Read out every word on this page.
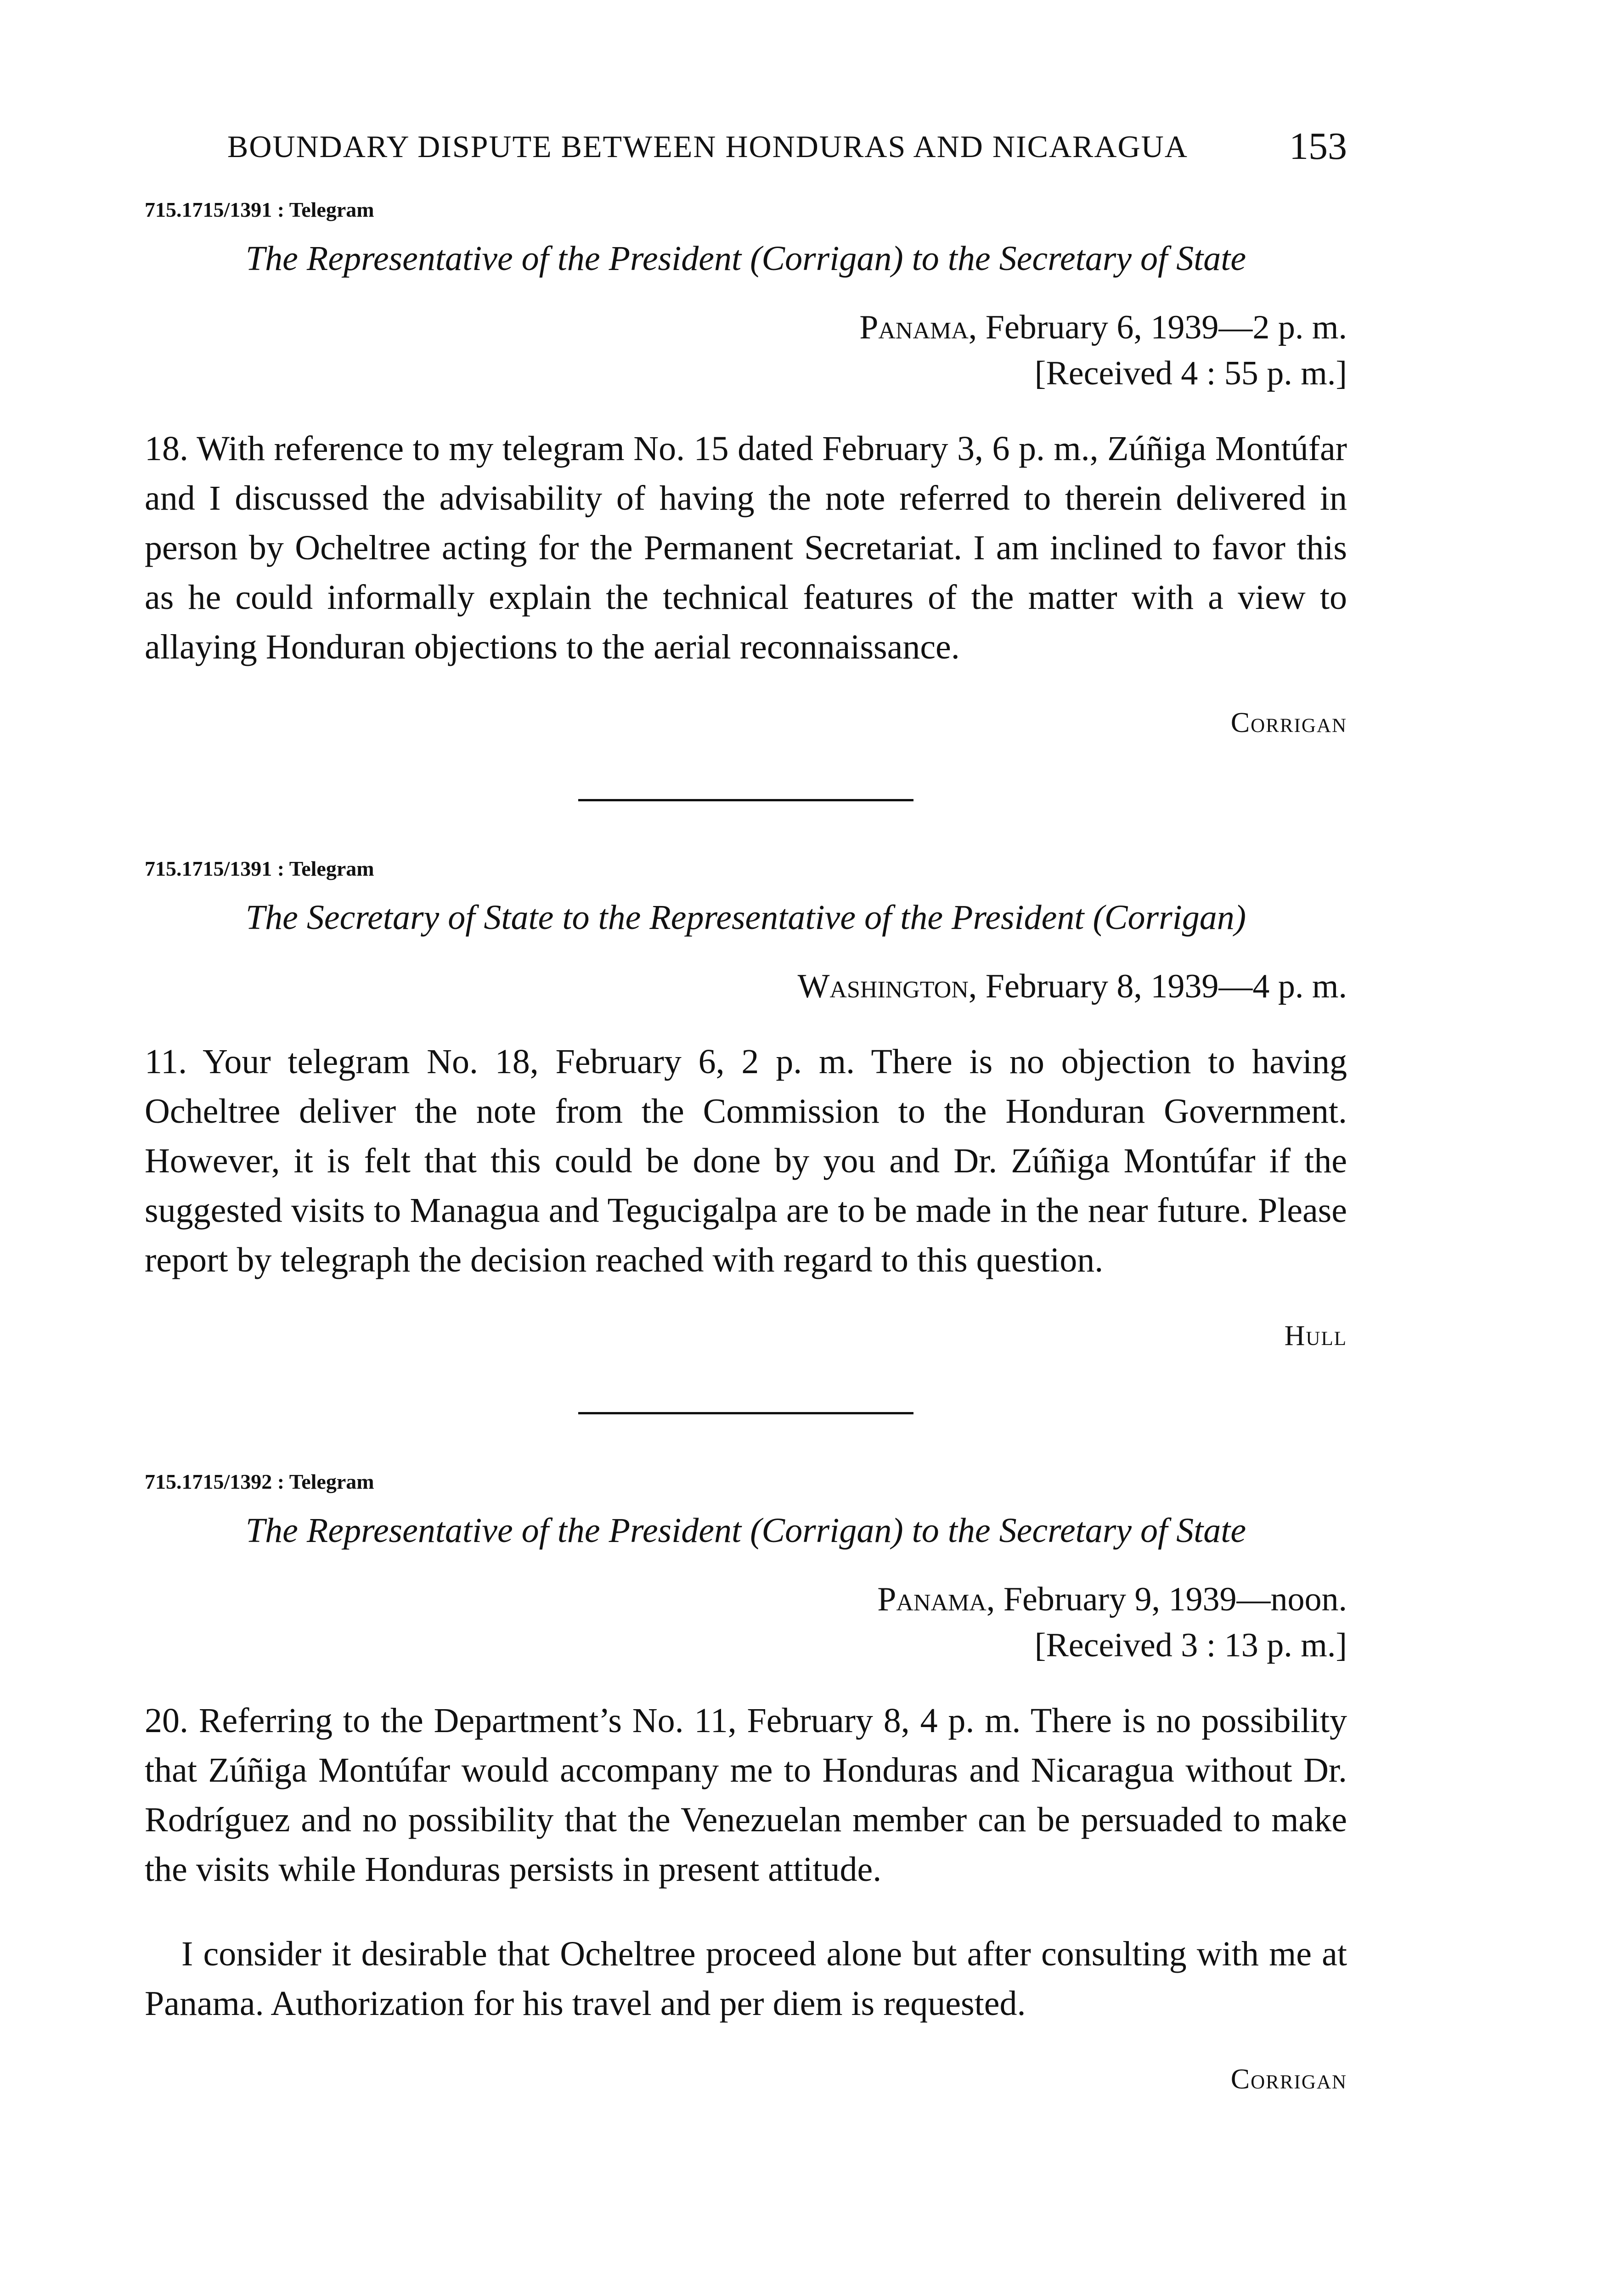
BOUNDARY DISPUTE BETWEEN HONDURAS AND NICARAGUA	153
715.1715/1391 : Telegram
The Representative of the President (Corrigan) to the Secretary of State
Panama, February 6, 1939—2 p. m.
[Received 4 : 55 p. m.]

18. With reference to my telegram No. 15 dated February 3, 6 p. m., Zúñiga Montúfar and I discussed the advisability of having the note referred to therein delivered in person by Ocheltree acting for the Permanent Secretariat. I am inclined to favor this as he could informally explain the technical features of the matter with a view to allaying Honduran objections to the aerial reconnaissance.

Corrigan
715.1715/1391 : Telegram
The Secretary of State to the Representative of the President (Corrigan)
Washington, February 8, 1939—4 p. m.

11. Your telegram No. 18, February 6, 2 p. m. There is no objection to having Ocheltree deliver the note from the Commission to the Honduran Government. However, it is felt that this could be done by you and Dr. Zúñiga Montúfar if the suggested visits to Managua and Tegucigalpa are to be made in the near future. Please report by telegraph the decision reached with regard to this question.

Hull
715.1715/1392 : Telegram
The Representative of the President (Corrigan) to the Secretary of State
Panama, February 9, 1939—noon.
[Received 3 : 13 p. m.]

20. Referring to the Department’s No. 11, February 8, 4 p. m. There is no possibility that Zúñiga Montúfar would accompany me to Honduras and Nicaragua without Dr. Rodríguez and no possibility that the Venezuelan member can be persuaded to make the visits while Honduras persists in present attitude.

I consider it desirable that Ocheltree proceed alone but after consulting with me at Panama. Authorization for his travel and per diem is requested.

Corrigan
